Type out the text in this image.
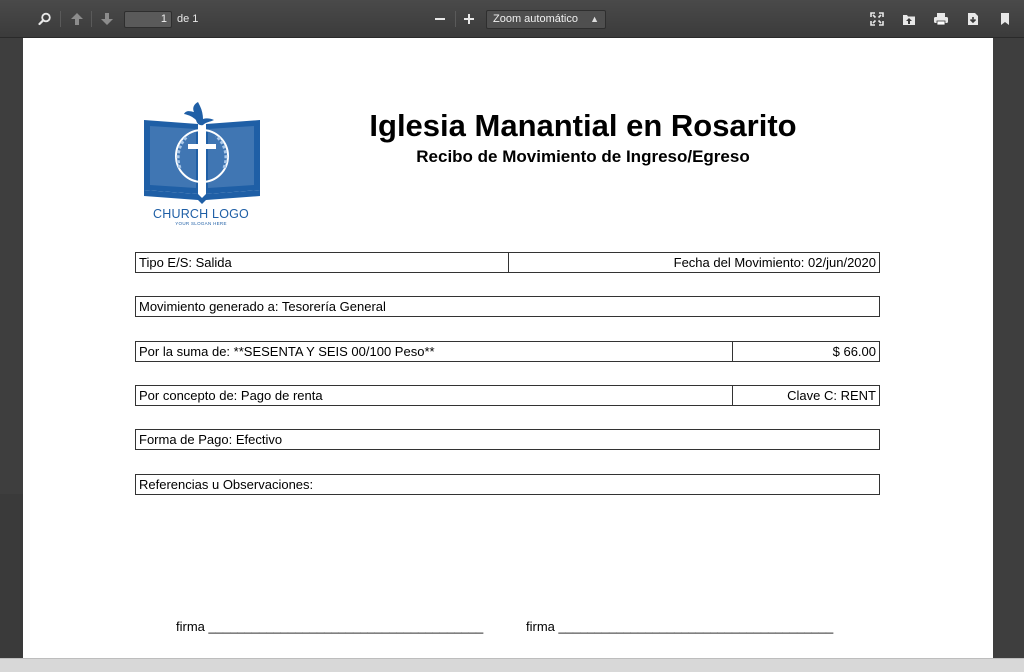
1 de 1	Zoom automático ▲︎
CHURCH LOGO
YOUR SLOGAN HERE
Iglesia Manantial en Rosarito
Recibo de Movimiento de Ingreso/Egreso
Tipo E/S: Salida	Fecha del Movimiento: 02/jun/2020
Movimiento generado a: Tesorería General
Por la suma de: **SESENTA Y SEIS 00/100 Peso**	$ 66.00
Por concepto de: Pago de renta	Clave C: RENT
Forma de Pago: Efectivo
Referencias u Observaciones:
firma ______________________________________	firma ______________________________________
